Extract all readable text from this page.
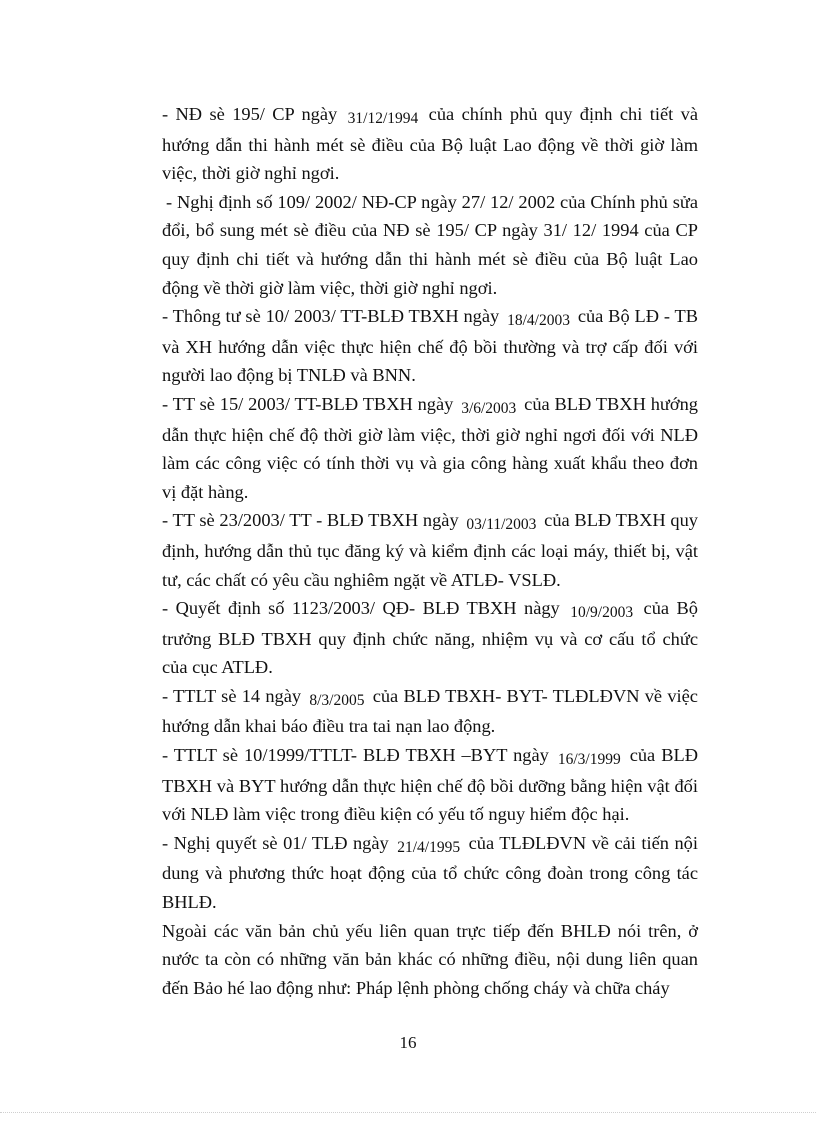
- NĐ sè 195/ CP ngày 31/12/1994 của chính phủ quy định chi tiết và hướng dẫn thi hành mét sè điều của Bộ luật Lao động về thời giờ làm việc, thời giờ nghỉ ngơi.

- Nghị định số 109/ 2002/ NĐ-CP ngày 27/ 12/ 2002 của Chính phủ sửa đổi, bổ sung mét sè điều của NĐ sè 195/ CP ngày 31/ 12/ 1994 của CP quy định chi tiết và hướng dẫn thi hành mét sè điều của Bộ luật Lao động về thời giờ làm việc, thời giờ nghỉ ngơi.

- Thông tư sè 10/ 2003/ TT-BLĐ TBXH ngày 18/4/2003 của Bộ LĐ - TB và XH hướng dẫn việc thực hiện chế độ bồi thường và trợ cấp đối với người lao động bị TNLĐ và BNN.

- TT sè 15/ 2003/ TT-BLĐ TBXH ngày 3/6/2003 của BLĐ TBXH hướng dẫn thực hiện chế độ thời giờ làm việc, thời giờ nghỉ ngơi đối với NLĐ làm các công việc có tính thời vụ và gia công hàng xuất khẩu theo đơn vị đặt hàng.

- TT sè 23/2003/ TT - BLĐ TBXH ngày 03/11/2003 của BLĐ TBXH quy định, hướng dẫn thủ tục đăng ký và kiểm định các loại máy, thiết bị, vật tư, các chất có yêu cầu nghiêm ngặt về ATLĐ- VSLĐ.

- Quyết định số 1123/2003/ QĐ- BLĐ TBXH nàgy 10/9/2003 của Bộ trưởng BLĐ TBXH quy định chức năng, nhiệm vụ và cơ cấu tổ chức của cục ATLĐ.

- TTLT sè 14 ngày 8/3/2005 của BLĐ TBXH- BYT- TLĐLĐVN về việc hướng dẫn khai báo điều tra tai nạn lao động.

- TTLT sè 10/1999/TTLT- BLĐ TBXH –BYT ngày 16/3/1999 của BLĐ TBXH và BYT hướng dẫn thực hiện chế độ bồi dưỡng bằng hiện vật đối với NLĐ làm việc trong điều kiện có yếu tố nguy hiểm độc hại.

- Nghị quyết sè 01/ TLĐ ngày 21/4/1995 của TLĐLĐVN về cải tiến nội dung và phương thức hoạt động của tổ chức công đoàn trong công tác BHLĐ.

Ngoài các văn bản chủ yếu liên quan trực tiếp đến BHLĐ nói trên, ở nước ta còn có những văn bản khác có những điều, nội dung liên quan đến Bảo hé lao động như: Pháp lệnh phòng chống cháy và chữa cháy

16
